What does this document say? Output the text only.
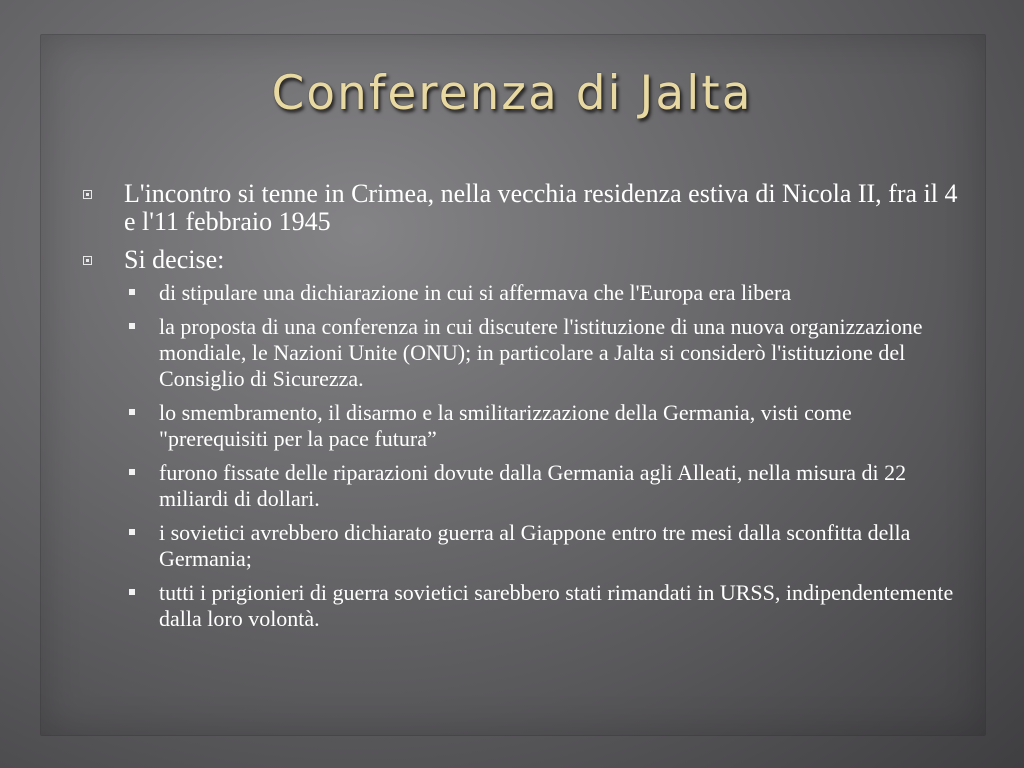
Conferenza di Jalta
L'incontro si tenne in Crimea, nella vecchia residenza estiva di Nicola II, fra il 4 e l'11 febbraio 1945
Si decise:
di stipulare una dichiarazione in cui si affermava che l'Europa era libera
la proposta di una conferenza in cui discutere l'istituzione di una nuova organizzazione mondiale, le Nazioni Unite (ONU); in particolare a Jalta si considerò l'istituzione del Consiglio di Sicurezza.
lo smembramento, il disarmo e la smilitarizzazione della Germania, visti come "prerequisiti per la pace futura”
furono fissate delle riparazioni dovute dalla Germania agli Alleati, nella misura di 22 miliardi di dollari.
i sovietici avrebbero dichiarato guerra al Giappone entro tre mesi dalla sconfitta della Germania;
tutti i prigionieri di guerra sovietici sarebbero stati rimandati in URSS, indipendentemente dalla loro volontà.
